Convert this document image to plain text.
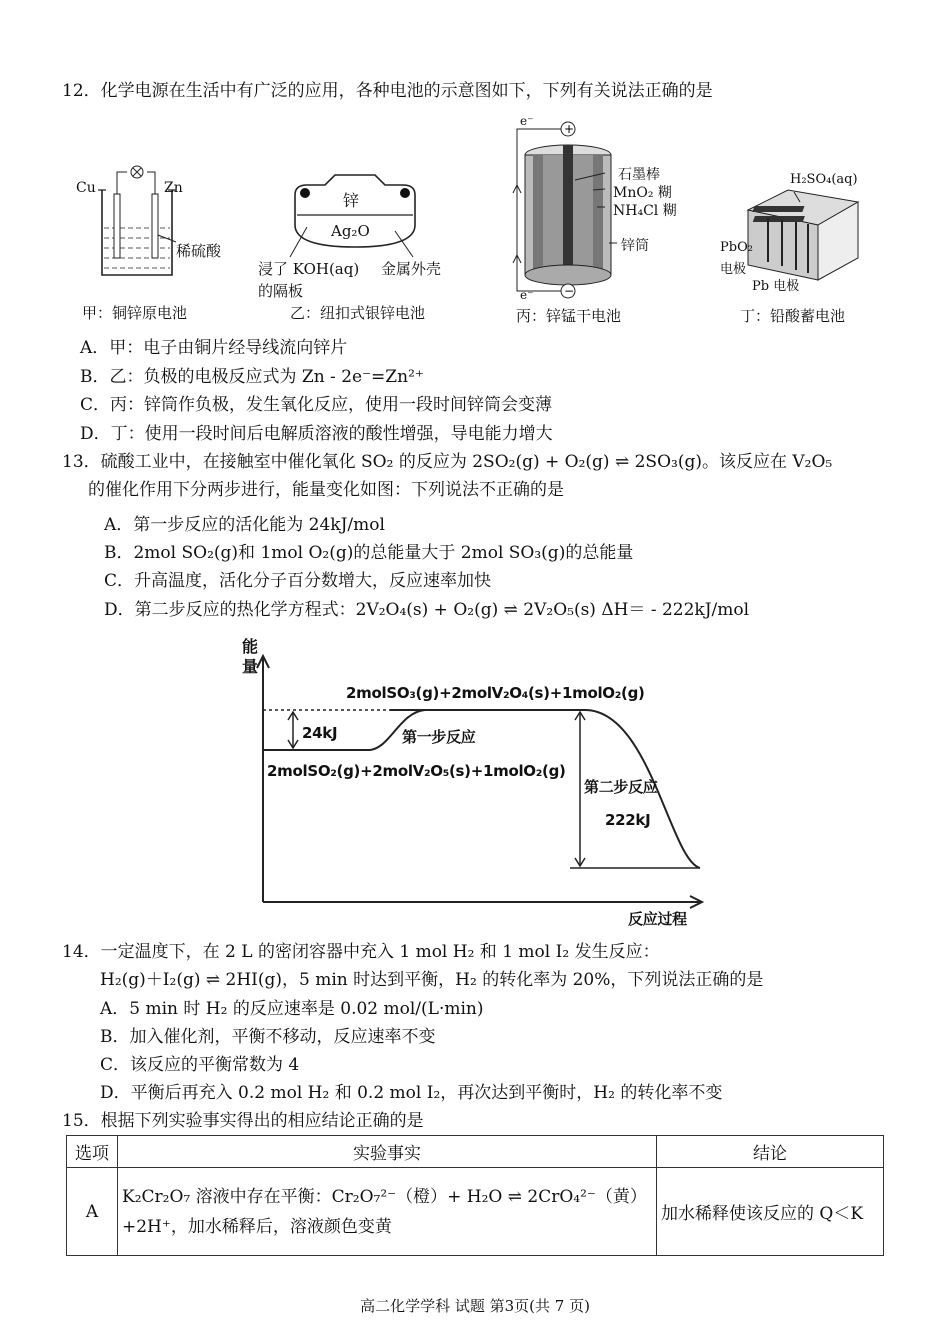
12．化学电源在生活中有广泛的应用，各种电池的示意图如下，下列有关说法正确的是
Cu	Zn
稀硫酸
甲：铜锌原电池
锌
Ag₂O
浸了 KOH(aq)
的隔板
金属外壳
乙：纽扣式银锌电池
+
−
e⁻
e⁻
石墨棒
MnO₂ 糊
NH₄Cl 糊
锌筒
丙：锌锰干电池
H₂SO₄(aq)
PbO₂
电极
Pb 电极
丁：铅酸蓄电池
A．甲：电子由铜片经导线流向锌片
B．乙：负极的电极反应式为 Zn - 2e⁻=Zn²⁺
C．丙：锌筒作负极，发生氧化反应，使用一段时间锌筒会变薄
D．丁：使用一段时间后电解质溶液的酸性增强，导电能力增大
13．硫酸工业中，在接触室中催化氧化 SO₂ 的反应为 2SO₂(g) + O₂(g) ⇌ 2SO₃(g)。该反应在 V₂O₅
的催化作用下分两步进行，能量变化如图：下列说法不正确的是
A．第一步反应的活化能为 24kJ/mol
B．2mol SO₂(g)和 1mol O₂(g)的总能量大于 2mol SO₃(g)的总能量
C．升高温度，活化分子百分数增大，反应速率加快
D．第二步反应的热化学方程式：2V₂O₄(s) + O₂(g) ⇌ 2V₂O₅(s) ΔH＝ - 222kJ/mol
能
量
2molSO₃(g)+2molV₂O₄(s)+1molO₂(g)
24kJ	第一步反应
2molSO₂(g)+2molV₂O₅(s)+1molO₂(g)
第二步反应
222kJ
反应过程
14．一定温度下，在 2 L 的密闭容器中充入 1 mol H₂ 和 1 mol I₂ 发生反应：
H₂(g)＋I₂(g) ⇌ 2HI(g)，5 min 时达到平衡，H₂ 的转化率为 20%，下列说法正确的是
A．5 min 时 H₂ 的反应速率是 0.02 mol/(L·min)
B．加入催化剂，平衡不移动，反应速率不变
C．该反应的平衡常数为 4
D．平衡后再充入 0.2 mol H₂ 和 0.2 mol I₂，再次达到平衡时，H₂ 的转化率不变
15．根据下列实验事实得出的相应结论正确的是
选项	实验事实	结论
A	K₂Cr₂O₇ 溶液中存在平衡：Cr₂O₇²⁻（橙）+ H₂O ⇌ 2CrO₄²⁻（黄）
+2H⁺，加水稀释后，溶液颜色变黄	加水稀释使该反应的 Q＜K
高二化学学科 试题 第3页(共 7 页)
